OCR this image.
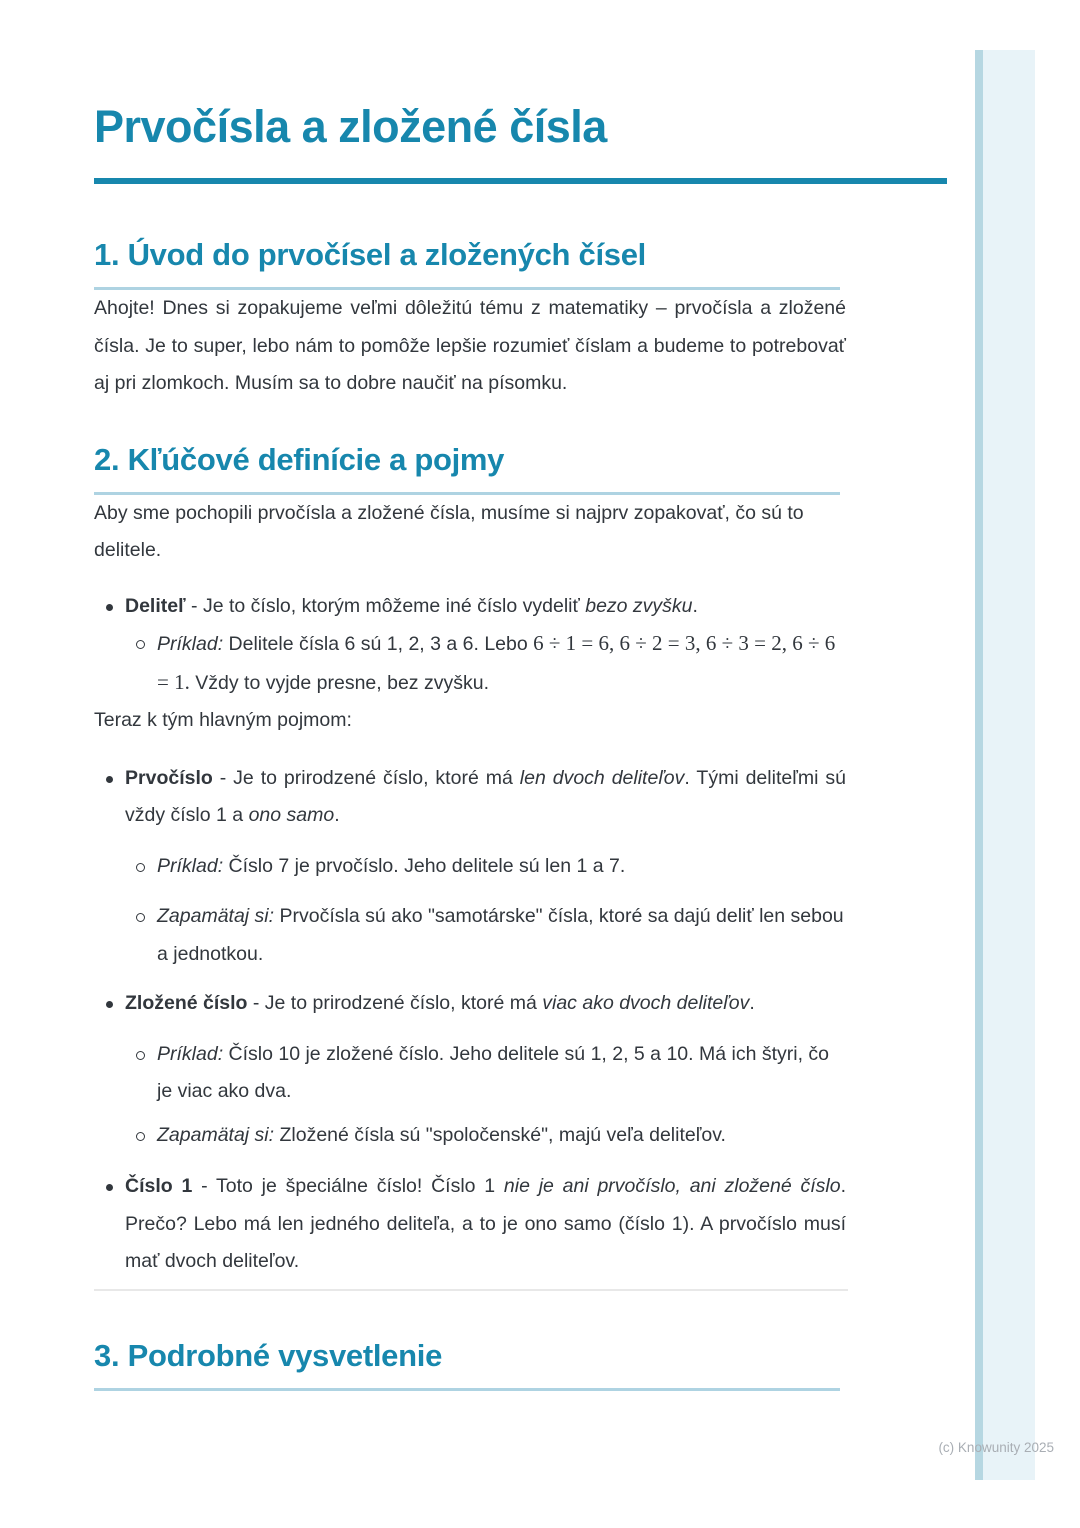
Prvočísla a zložené čísla
1. Úvod do prvočísel a zložených čísel

Ahojte! Dnes si zopakujeme veľmi dôležitú tému z matematiky – prvočísla a zložené čísla. Je to super, lebo nám to pomôže lepšie rozumieť číslam a budeme to potrebovať aj pri zlomkoch. Musím sa to dobre naučiť na písomku.

2. Kľúčové definície a pojmy

Aby sme pochopili prvočísla a zložené čísla, musíme si najprv zopakovať, čo sú to delitele.

Deliteľ - Je to číslo, ktorým môžeme iné číslo vydeliť bezo zvyšku.
Príklad: Delitele čísla 6 sú 1, 2, 3 a 6. Lebo 6 ÷ 1 = 6, 6 ÷ 2 = 3, 6 ÷ 3 = 2, 6 ÷ 6 = 1. Vždy to vyjde presne, bez zvyšku.

Teraz k tým hlavným pojmom:

Prvočíslo - Je to prirodzené číslo, ktoré má len dvoch deliteľov. Tými deliteľmi sú vždy číslo 1 a ono samo.
Príklad: Číslo 7 je prvočíslo. Jeho delitele sú len 1 a 7.
Zapamätaj si: Prvočísla sú ako "samotárske" čísla, ktoré sa dajú deliť len sebou a jednotkou.
Zložené číslo - Je to prirodzené číslo, ktoré má viac ako dvoch deliteľov.
Príklad: Číslo 10 je zložené číslo. Jeho delitele sú 1, 2, 5 a 10. Má ich štyri, čo je viac ako dva.
Zapamätaj si: Zložené čísla sú "spoločenské", majú veľa deliteľov.
Číslo 1 - Toto je špeciálne číslo! Číslo 1 nie je ani prvočíslo, ani zložené číslo. Prečo? Lebo má len jedného deliteľa, a to je ono samo (číslo 1). A prvočíslo musí mať dvoch deliteľov.
3. Podrobné vysvetlenie
(c) Knowunity 2025
